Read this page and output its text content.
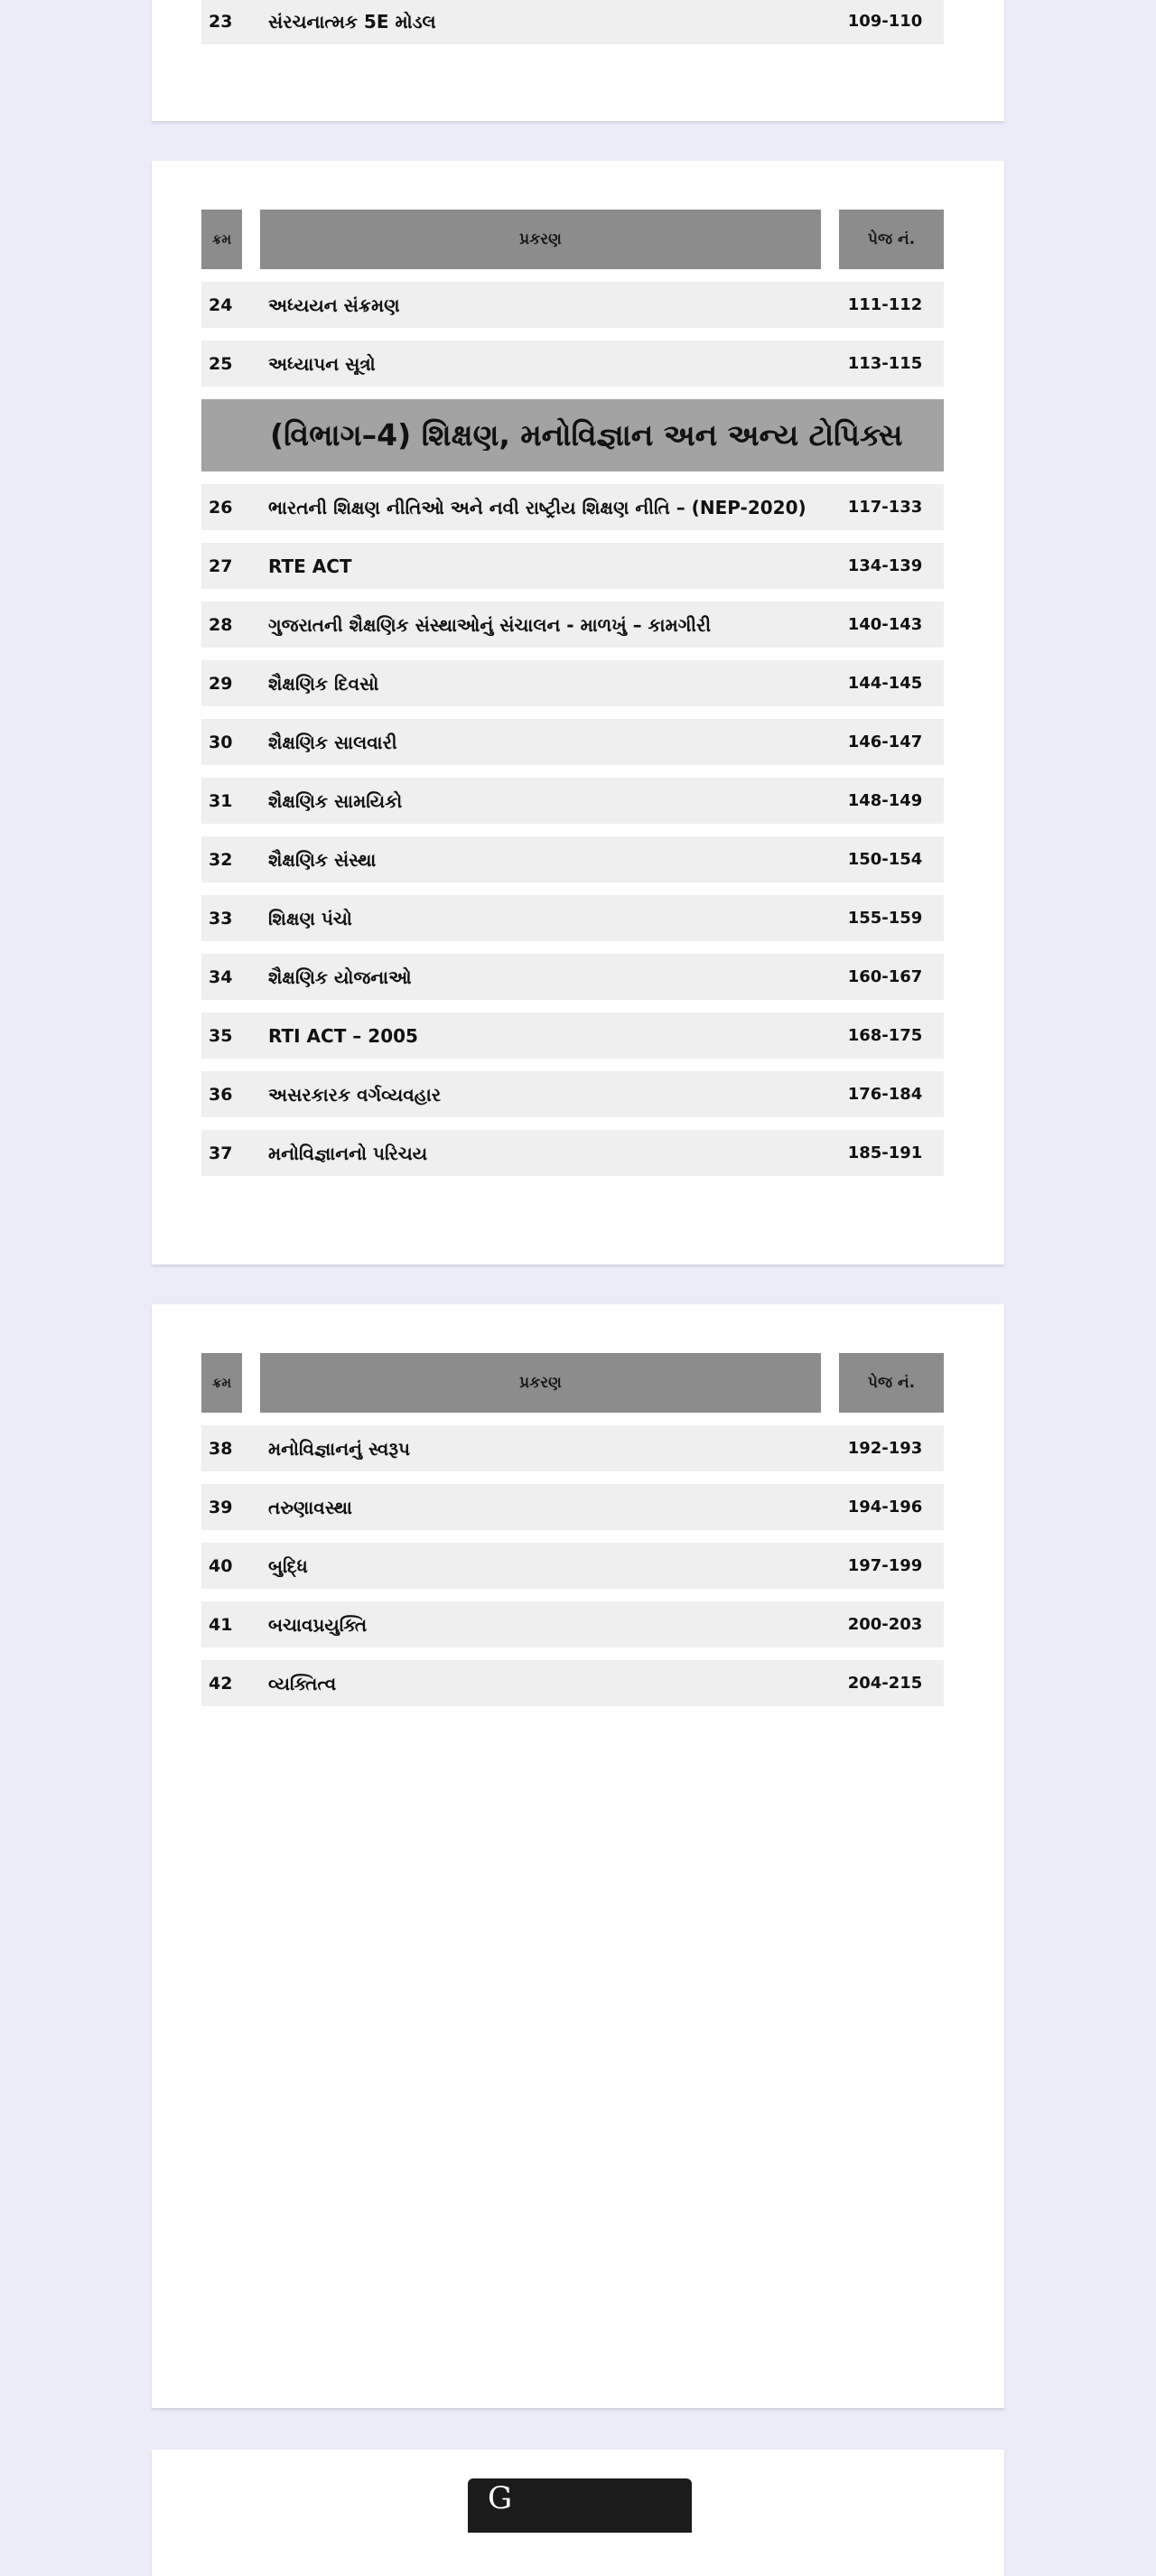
23	સંરચનાત્મક 5E મોડલ	109-110
ક્રમ	પ્રકરણ	પેજ નં.
24	અધ્યયન સંક્રમણ	111-112
25	અધ્યાપન સૂત્રો	113-115
(વિભાગ–4) શિક્ષણ, મનોવિજ્ઞાન અન અન્ય ટોપિક્સ
26	ભારતની શિક્ષણ નીતિઓ અને નવી રાષ્ટ્રીય શિક્ષણ નીતિ – (NEP-2020)	117-133
27	RTE ACT	134-139
28	ગુજરાતની શૈક્ષણિક સંસ્થાઓનું સંચાલન - માળખું – કામગીરી	140-143
29	શૈક્ષણિક દિવસો	144-145
30	શૈક્ષણિક સાલવારી	146-147
31	શૈક્ષણિક સામયિકો	148-149
32	શૈક્ષણિક સંસ્થા	150-154
33	શિક્ષણ પંચો	155-159
34	શૈક્ષણિક યોજનાઓ	160-167
35	RTI ACT – 2005	168-175
36	અસરકારક વર્ગવ્યવહાર	176-184
37	મનોવિજ્ઞાનનો પરિચય	185-191
ક્રમ	પ્રકરણ	પેજ નં.
38	મનોવિજ્ઞાનનું સ્વરૂપ	192-193
39	તરુણાવસ્થા	194-196
40	બુદ્ધિ	197-199
41	બચાવપ્રયુક્તિ	200-203
42	વ્યક્તિત્વ	204-215
G
